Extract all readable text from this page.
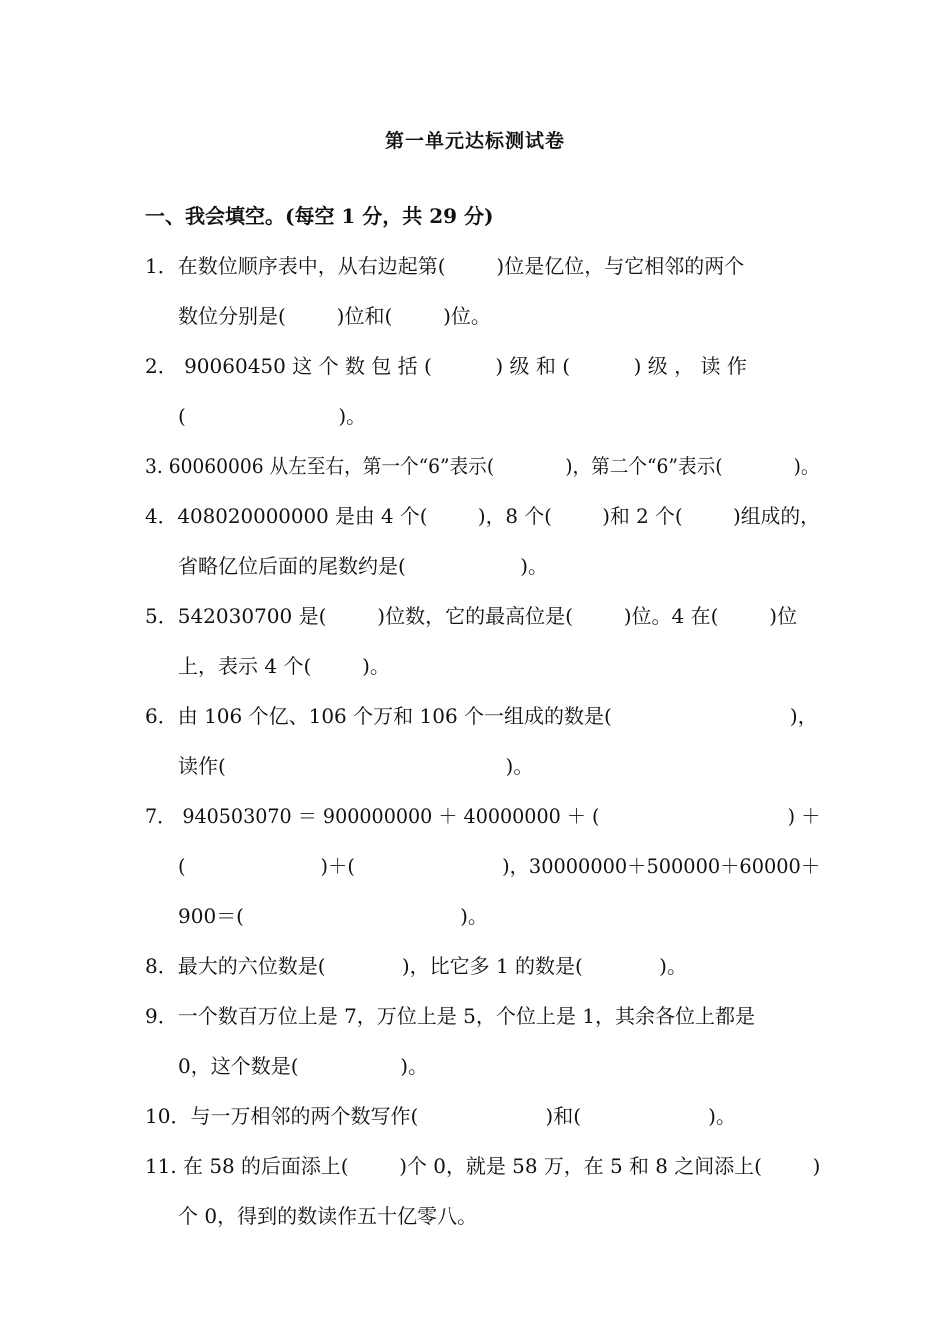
第一单元达标测试卷
一、我会填空。(每空 1 分，共 29 分)
1．在数位顺序表中，从右边起第(        )位是亿位，与它相邻的两个
数位分别是(        )位和(        )位。
2． 90060450 这 个 数 包 括 (          ) 级 和 (          ) 级 ， 读 作
(                        )。
3. 60060006 从左至右，第一个“6”表示(            )，第二个“6”表示(            )。
4．408020000000 是由 4 个(        )，8 个(        )和 2 个(        )组成的，
省略亿位后面的尾数约是(                  )。
5．542030700 是(        )位数，它的最高位是(        )位。4 在(        )位
上，表示 4 个(        )。
6．由 106 个亿、106 个万和 106 个一组成的数是(                            )，
读作(                                            )。
7． 940503070 ＝ 900000000 ＋ 40000000 ＋ (                               ) ＋
(                      )＋(                        )，30000000＋500000＋60000＋
900＝(                                  )。
8．最大的六位数是(            )，比它多 1 的数是(            )。
9．一个数百万位上是 7，万位上是 5，个位上是 1，其余各位上都是
0，这个数是(                )。
10．与一万相邻的两个数写作(                    )和(                    )。
11. 在 58 的后面添上(        )个 0，就是 58 万，在 5 和 8 之间添上(        )
个 0，得到的数读作五十亿零八。
